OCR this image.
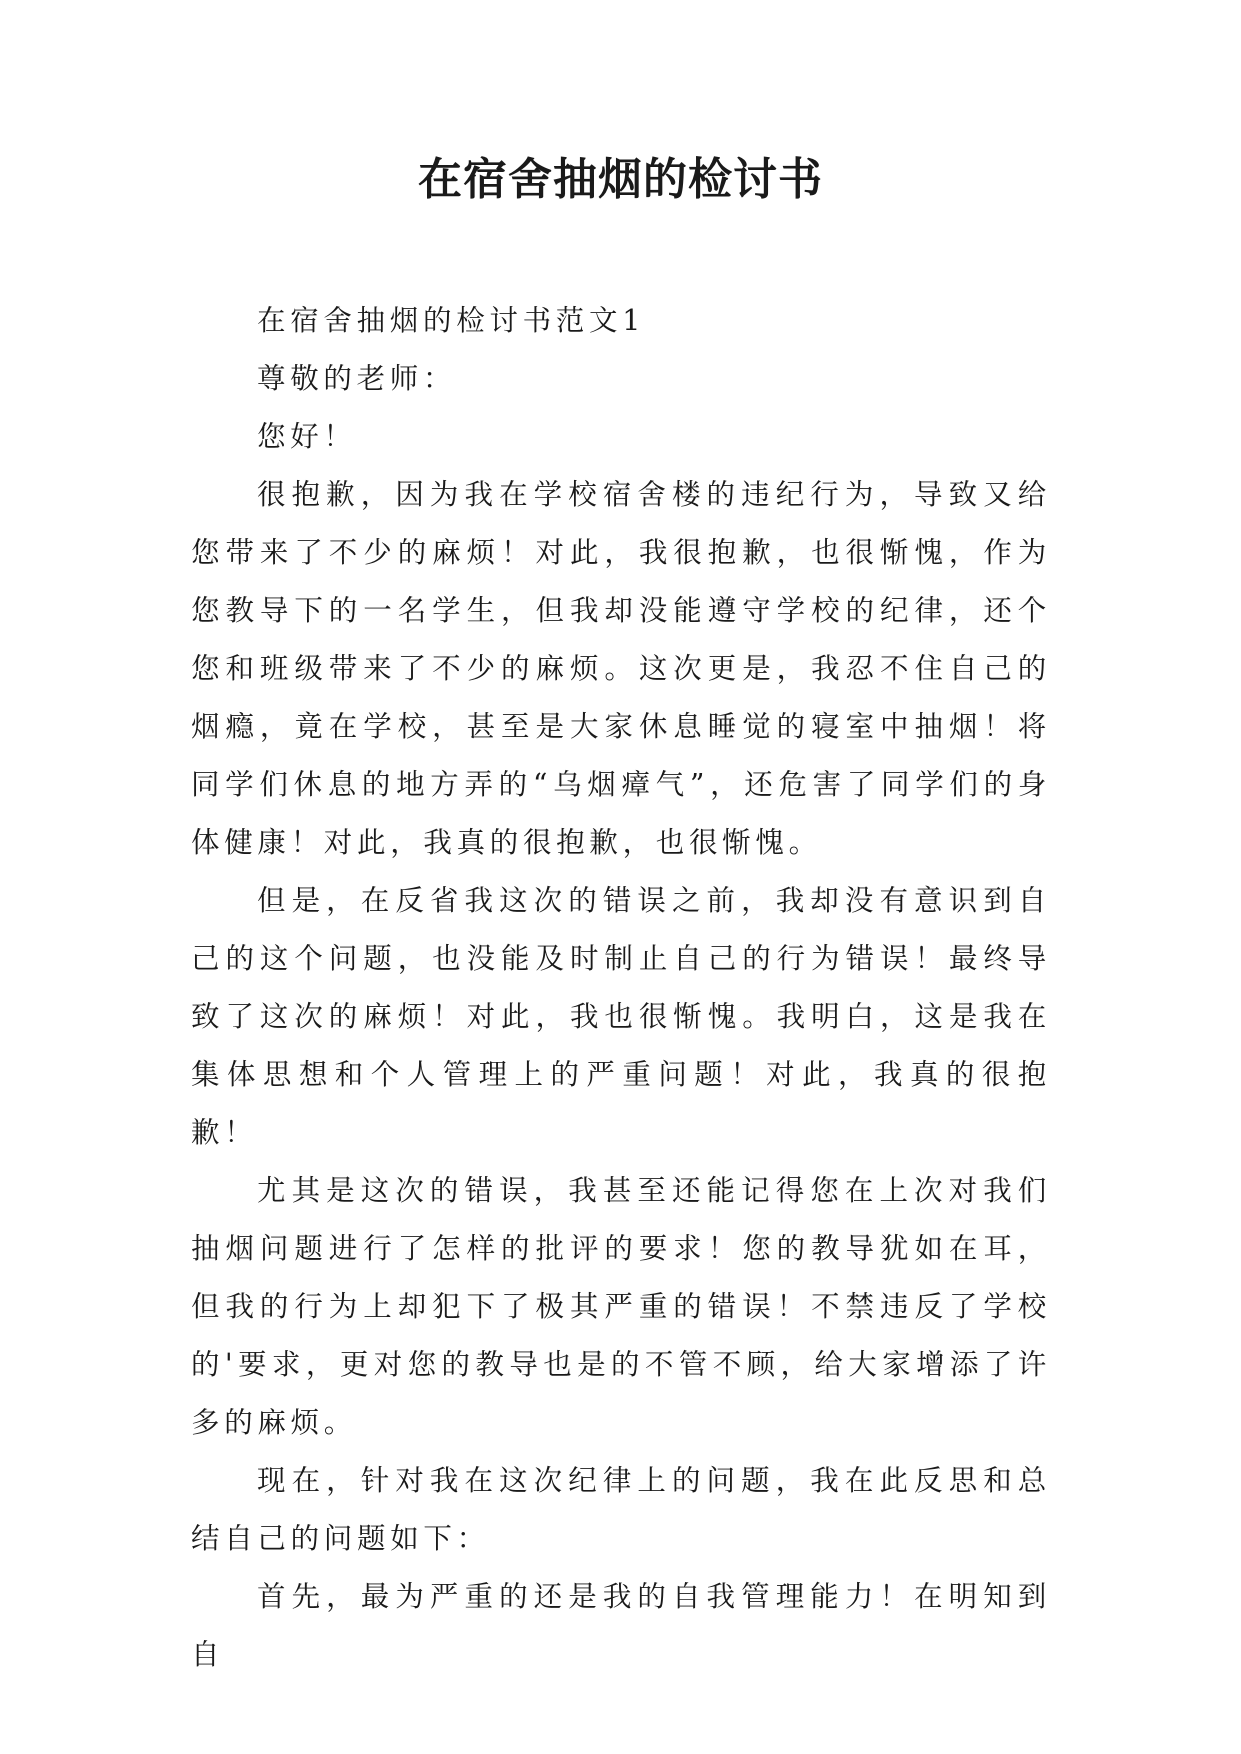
在宿舍抽烟的检讨书

在宿舍抽烟的检讨书范文1

尊敬的老师：

您好！

很抱歉，因为我在学校宿舍楼的违纪行为，导致又给您带来了不少的麻烦！对此，我很抱歉，也很惭愧，作为您教导下的一名学生，但我却没能遵守学校的纪律，还个您和班级带来了不少的麻烦。这次更是，我忍不住自己的烟瘾，竟在学校，甚至是大家休息睡觉的寝室中抽烟！将同学们休息的地方弄的“乌烟瘴气”，还危害了同学们的身体健康！对此，我真的很抱歉，也很惭愧。

但是，在反省我这次的错误之前，我却没有意识到自己的这个问题，也没能及时制止自己的行为错误！最终导致了这次的麻烦！对此，我也很惭愧。我明白，这是我在集体思想和个人管理上的严重问题！对此，我真的很抱歉！

尤其是这次的错误，我甚至还能记得您在上次对我们抽烟问题进行了怎样的批评的要求！您的教导犹如在耳，但我的行为上却犯下了极其严重的错误！不禁违反了学校的'要求，更对您的教导也是的不管不顾，给大家增添了许多的麻烦。

现在，针对我在这次纪律上的问题，我在此反思和总结自己的问题如下：

首先，最为严重的还是我的自我管理能力！在明知到自
